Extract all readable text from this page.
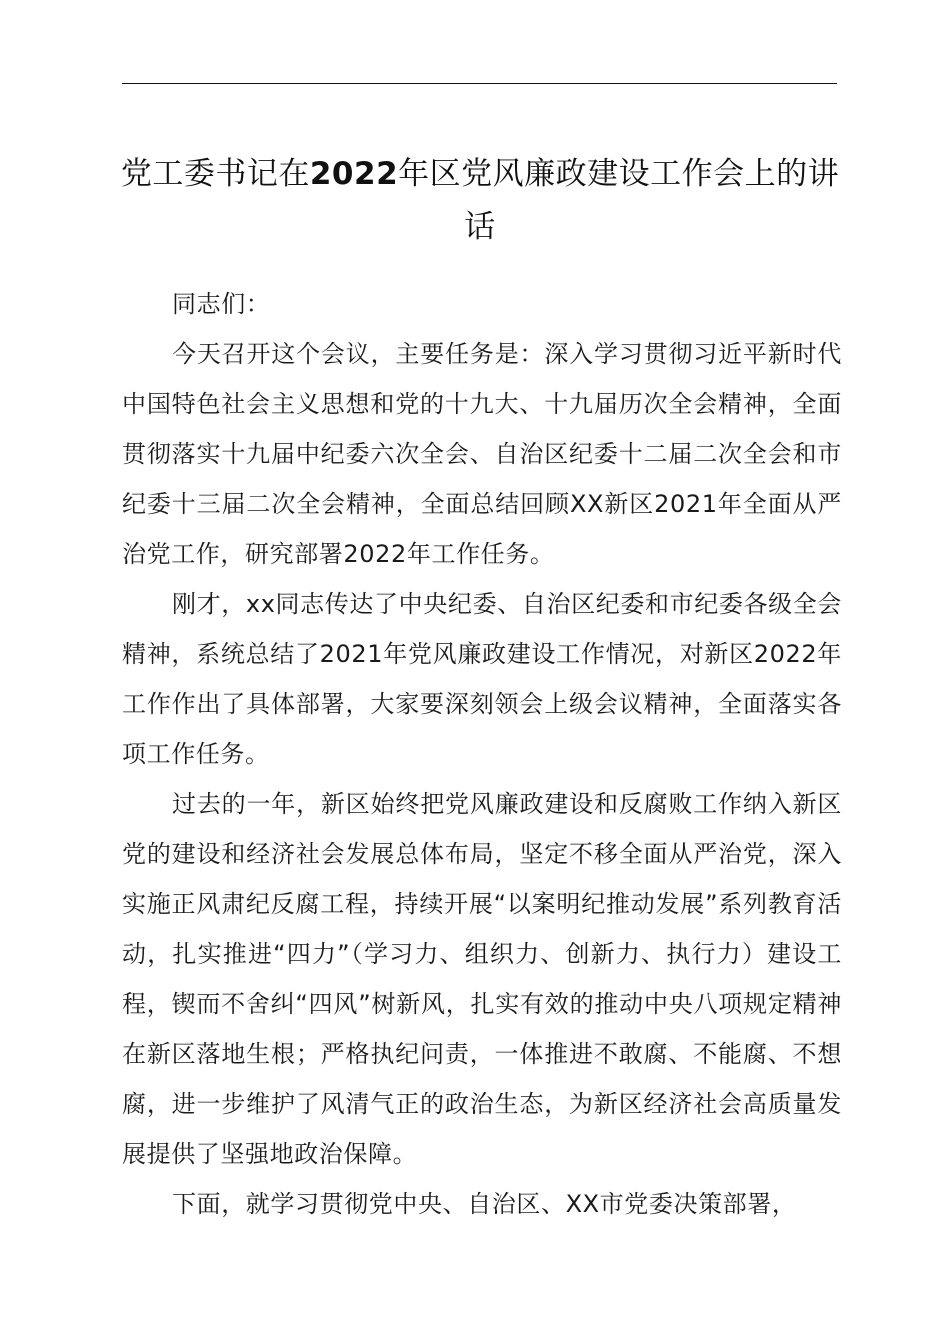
党工委书记在2022年区党风廉政建设工作会上的讲话

同志们：

今天召开这个会议，主要任务是：深入学习贯彻习近平新时代中国特色社会主义思想和党的十九大、十九届历次全会精神，全面贯彻落实十九届中纪委六次全会、自治区纪委十二届二次全会和市纪委十三届二次全会精神，全面总结回顾XX新区2021年全面从严治党工作，研究部署2022年工作任务。

刚才，xx同志传达了中央纪委、自治区纪委和市纪委各级全会精神，系统总结了2021年党风廉政建设工作情况，对新区2022年工作作出了具体部署，大家要深刻领会上级会议精神，全面落实各项工作任务。

过去的一年，新区始终把党风廉政建设和反腐败工作纳入新区党的建设和经济社会发展总体布局，坚定不移全面从严治党，深入实施正风肃纪反腐工程，持续开展“以案明纪推动发展”系列教育活动，扎实推进“四力”（学习力、组织力、创新力、执行力）建设工程，锲而不舍纠“四风”树新风，扎实有效的推动中央八项规定精神在新区落地生根；严格执纪问责，一体推进不敢腐、不能腐、不想腐，进一步维护了风清气正的政治生态，为新区经济社会高质量发展提供了坚强地政治保障。

下面，就学习贯彻党中央、自治区、XX市党委决策部署，
